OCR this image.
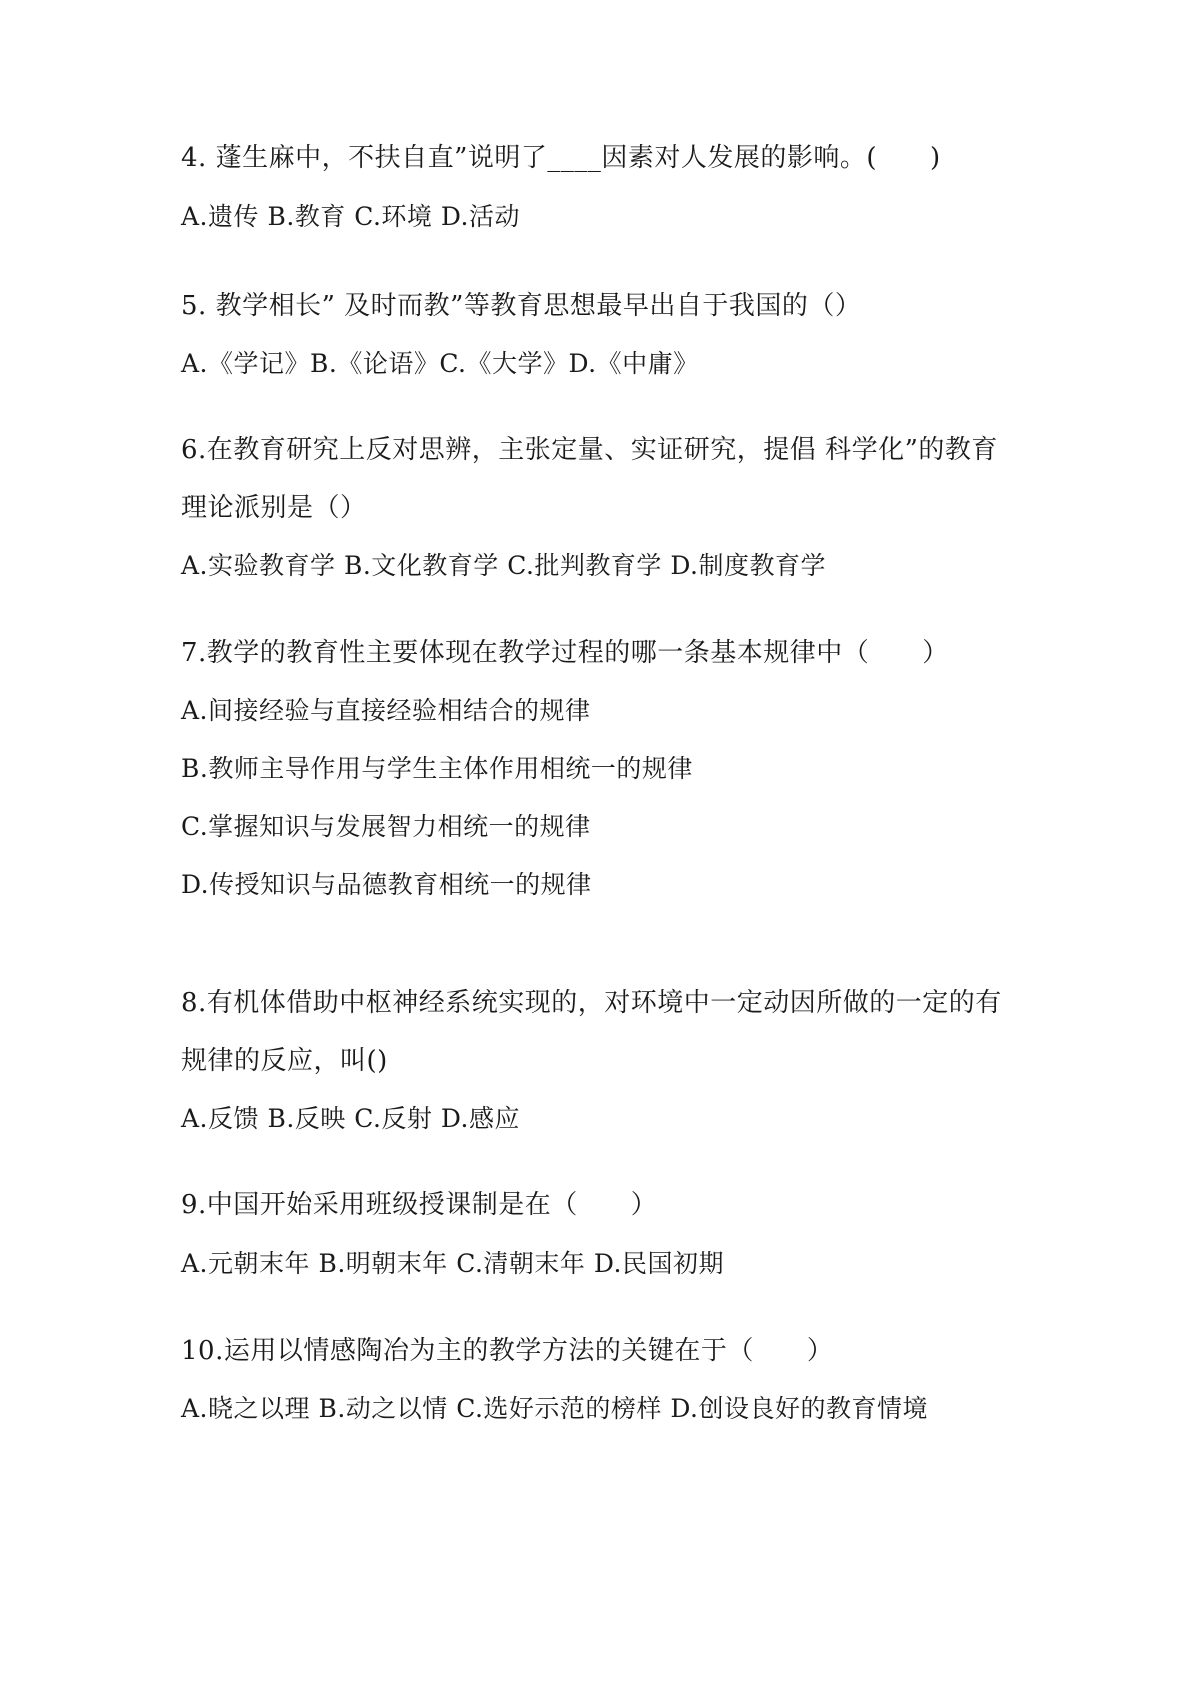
4. 蓬生麻中，不扶自直”说明了____因素对人发展的影响。(　　)
A.遗传 B.教育 C.环境 D.活动
5. 教学相长” 及时而教”等教育思想最早出自于我国的（）
A.《学记》B.《论语》C.《大学》D.《中庸》
6.在教育研究上反对思辨，主张定量、实证研究，提倡 科学化”的教育
理论派别是（）
A.实验教育学 B.文化教育学 C.批判教育学 D.制度教育学
7.教学的教育性主要体现在教学过程的哪一条基本规律中（　　）
A.间接经验与直接经验相结合的规律
B.教师主导作用与学生主体作用相统一的规律
C.掌握知识与发展智力相统一的规律
D.传授知识与品德教育相统一的规律
8.有机体借助中枢神经系统实现的，对环境中一定动因所做的一定的有
规律的反应，叫()
A.反馈 B.反映 C.反射 D.感应
9.中国开始采用班级授课制是在（　　）
A.元朝末年 B.明朝末年 C.清朝末年 D.民国初期
10.运用以情感陶冶为主的教学方法的关键在于（　　）
A.晓之以理 B.动之以情 C.选好示范的榜样 D.创设良好的教育情境
